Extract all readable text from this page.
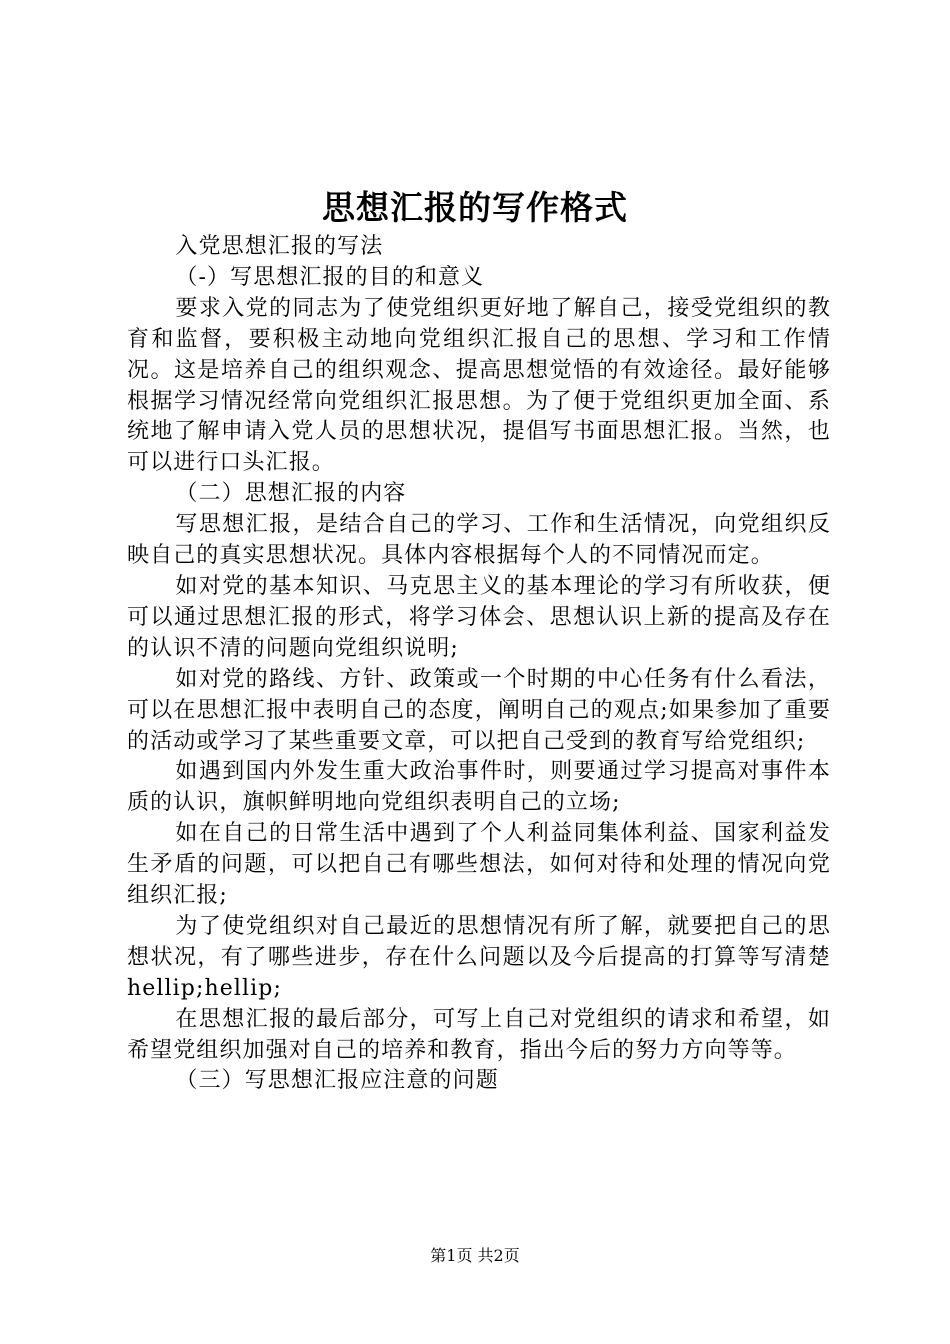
思想汇报的写作格式

入党思想汇报的写法

（-）写思想汇报的目的和意义

要求入党的同志为了使党组织更好地了解自己，接受党组织的教育和监督，要积极主动地向党组织汇报自己的思想、学习和工作情况。这是培养自己的组织观念、提高思想觉悟的有效途径。最好能够根据学习情况经常向党组织汇报思想。为了便于党组织更加全面、系统地了解申请入党人员的思想状况，提倡写书面思想汇报。当然，也可以进行口头汇报。

（二）思想汇报的内容

写思想汇报，是结合自己的学习、工作和生活情况，向党组织反映自己的真实思想状况。具体内容根据每个人的不同情况而定。

如对党的基本知识、马克思主义的基本理论的学习有所收获，便可以通过思想汇报的形式，将学习体会、思想认识上新的提高及存在的认识不清的问题向党组织说明;

如对党的路线、方针、政策或一个时期的中心任务有什么看法，可以在思想汇报中表明自己的态度，阐明自己的观点;如果参加了重要的活动或学习了某些重要文章，可以把自己受到的教育写给党组织;

如遇到国内外发生重大政治事件时，则要通过学习提高对事件本质的认识，旗帜鲜明地向党组织表明自己的立场;

如在自己的日常生活中遇到了个人利益同集体利益、国家利益发生矛盾的问题，可以把自己有哪些想法，如何对待和处理的情况向党组织汇报;

为了使党组织对自己最近的思想情况有所了解，就要把自己的思想状况，有了哪些进步，存在什么问题以及今后提高的打算等写清楚hellip;hellip;

在思想汇报的最后部分，可写上自己对党组织的请求和希望，如希望党组织加强对自己的培养和教育，指出今后的努力方向等等。

（三）写思想汇报应注意的问题

第1页 共2页
